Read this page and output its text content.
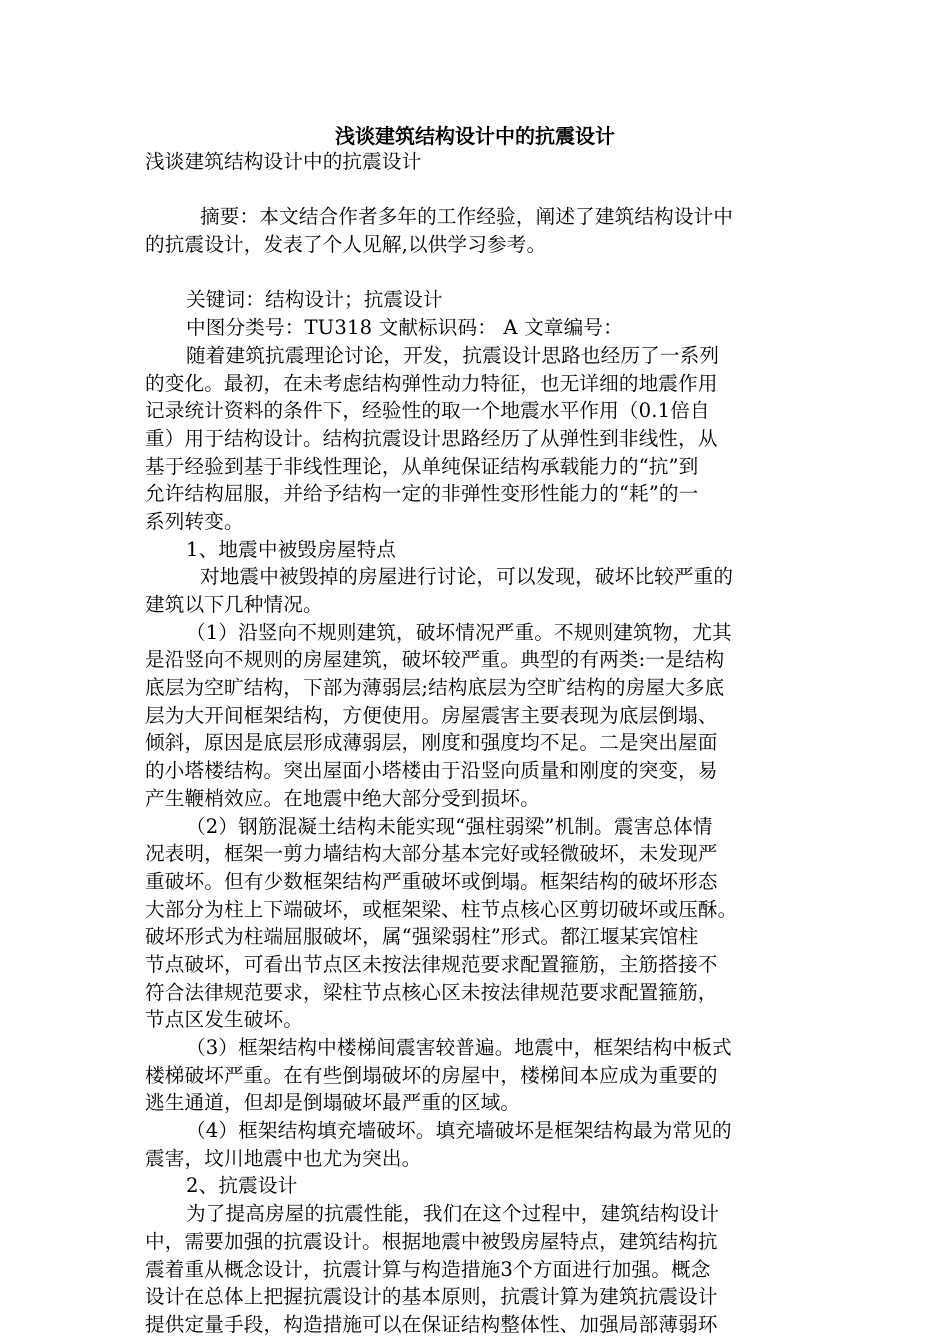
浅谈建筑结构设计中的抗震设计
浅谈建筑结构设计中的抗震设计
摘要：本文结合作者多年的工作经验，阐述了建筑结构设计中
的抗震设计，发表了个人见解,以供学习参考。
关键词：结构设计；抗震设计
中图分类号：TU318 文献标识码： A 文章编号：
随着建筑抗震理论讨论，开发，抗震设计思路也经历了一系列
的变化。最初，在未考虑结构弹性动力特征，也无详细的地震作用
记录统计资料的条件下，经验性的取一个地震水平作用（0.1倍自
重）用于结构设计。结构抗震设计思路经历了从弹性到非线性，从
基于经验到基于非线性理论，从单纯保证结构承载能力的“抗”到
允许结构屈服，并给予结构一定的非弹性变形性能力的“耗”的一
系列转变。
1、地震中被毁房屋特点
对地震中被毁掉的房屋进行讨论，可以发现，破坏比较严重的
建筑以下几种情况。
（1）沿竖向不规则建筑，破坏情况严重。不规则建筑物，尤其
是沿竖向不规则的房屋建筑，破坏较严重。典型的有两类:一是结构
底层为空旷结构，下部为薄弱层;结构底层为空旷结构的房屋大多底
层为大开间框架结构，方便使用。房屋震害主要表现为底层倒塌、
倾斜，原因是底层形成薄弱层，刚度和强度均不足。二是突出屋面
的小塔楼结构。突出屋面小塔楼由于沿竖向质量和刚度的突变，易
产生鞭梢效应。在地震中绝大部分受到损坏。
（2）钢筋混凝土结构未能实现“强柱弱梁”机制。震害总体情
况表明，框架一剪力墙结构大部分基本完好或轻微破坏，未发现严
重破坏。但有少数框架结构严重破坏或倒塌。框架结构的破坏形态
大部分为柱上下端破坏，或框架梁、柱节点核心区剪切破坏或压酥。
破坏形式为柱端屈服破坏，属“强梁弱柱”形式。都江堰某宾馆柱
节点破坏，可看出节点区未按法律规范要求配置箍筋，主筋搭接不
符合法律规范要求，梁柱节点核心区未按法律规范要求配置箍筋，
节点区发生破坏。
（3）框架结构中楼梯间震害较普遍。地震中，框架结构中板式
楼梯破坏严重。在有些倒塌破坏的房屋中，楼梯间本应成为重要的
逃生通道，但却是倒塌破坏最严重的区域。
（4）框架结构填充墙破坏。填充墙破坏是框架结构最为常见的
震害，坟川地震中也尤为突出。
2、抗震设计
为了提高房屋的抗震性能，我们在这个过程中，建筑结构设计
中，需要加强的抗震设计。根据地震中被毁房屋特点，建筑结构抗
震着重从概念设计，抗震计算与构造措施3个方面进行加强。概念
设计在总体上把握抗震设计的基本原则，抗震计算为建筑抗震设计
提供定量手段，构造措施可以在保证结构整体性、加强局部薄弱环
